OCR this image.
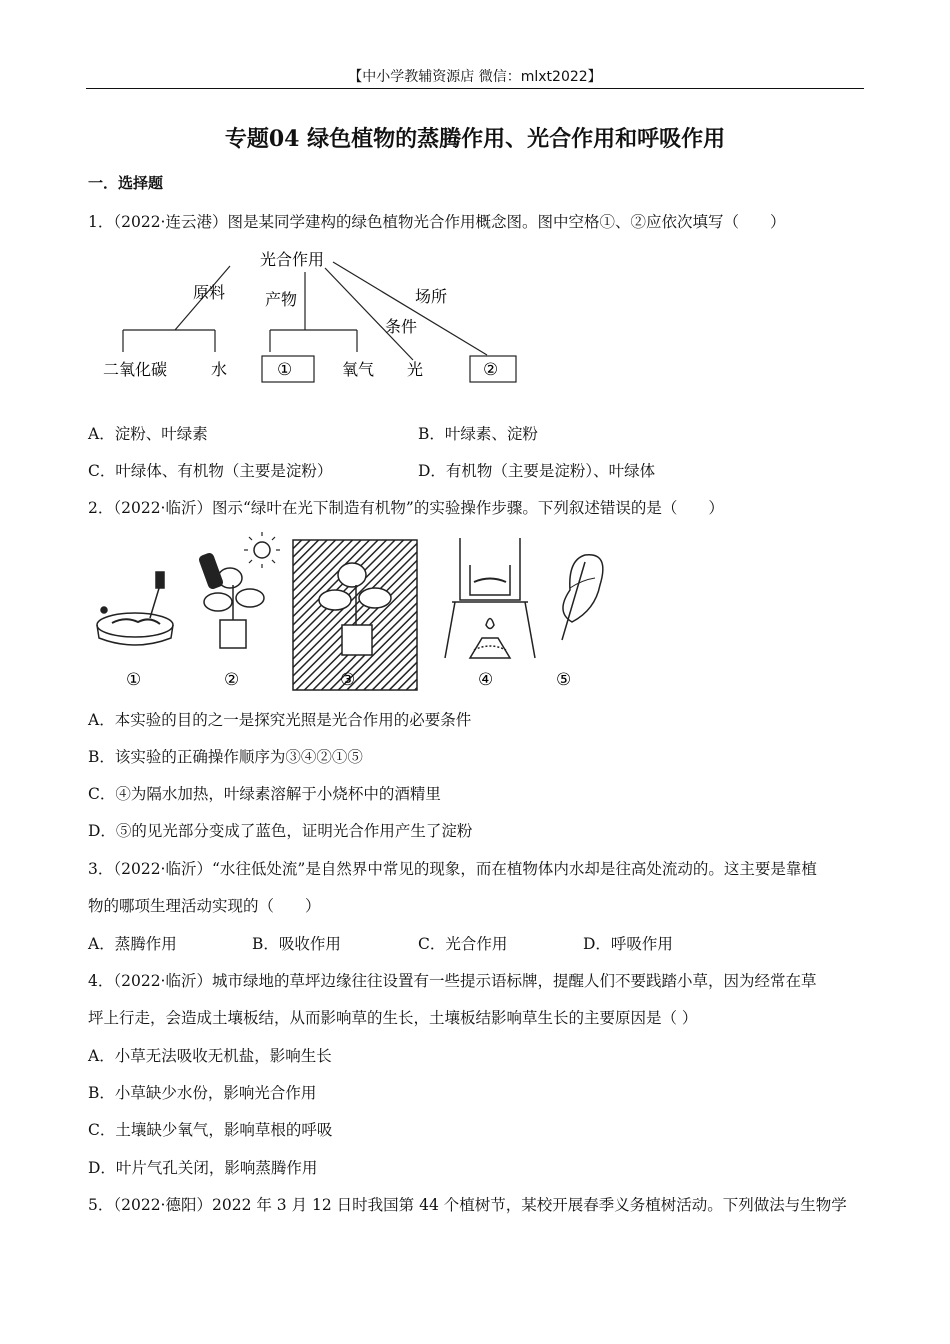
【中小学教辅资源店 微信：mlxt2022】
专题04 绿色植物的蒸腾作用、光合作用和呼吸作用
一．选择题
1．（2022·连云港）图是某同学建构的绿色植物光合作用概念图。图中空格①、②应依次填写（　　）
光合作用
原料 产物
条件
场所
二氧化碳	水	①	氧气 光	②
A．淀粉、叶绿素	B．叶绿素、淀粉
C．叶绿体、有机物（主要是淀粉）	D．有机物（主要是淀粉）、叶绿体
2．（2022·临沂）图示“绿叶在光下制造有机物”的实验操作步骤。下列叙述错误的是（　　）
①	②	③	④	⑤
A．本实验的目的之一是探究光照是光合作用的必要条件
B．该实验的正确操作顺序为③④②①⑤
C．④为隔水加热，叶绿素溶解于小烧杯中的酒精里
D．⑤的见光部分变成了蓝色，证明光合作用产生了淀粉
3．（2022·临沂）“水往低处流”是自然界中常见的现象，而在植物体内水却是往高处流动的。这主要是靠植
物的哪项生理活动实现的（　　）
A．蒸腾作用	B．吸收作用	C．光合作用	D．呼吸作用
4．（2022·临沂）城市绿地的草坪边缘往往设置有一些提示语标牌，提醒人们不要践踏小草，因为经常在草
坪上行走，会造成土壤板结，从而影响草的生长，土壤板结影响草生长的主要原因是（ ）
A．小草无法吸收无机盐，影响生长
B．小草缺少水份，影响光合作用
C．土壤缺少氧气，影响草根的呼吸
D．叶片气孔关闭，影响蒸腾作用
5．（2022·德阳）2022 年 3 月 12 日时我国第 44 个植树节，某校开展春季义务植树活动。下列做法与生物学
